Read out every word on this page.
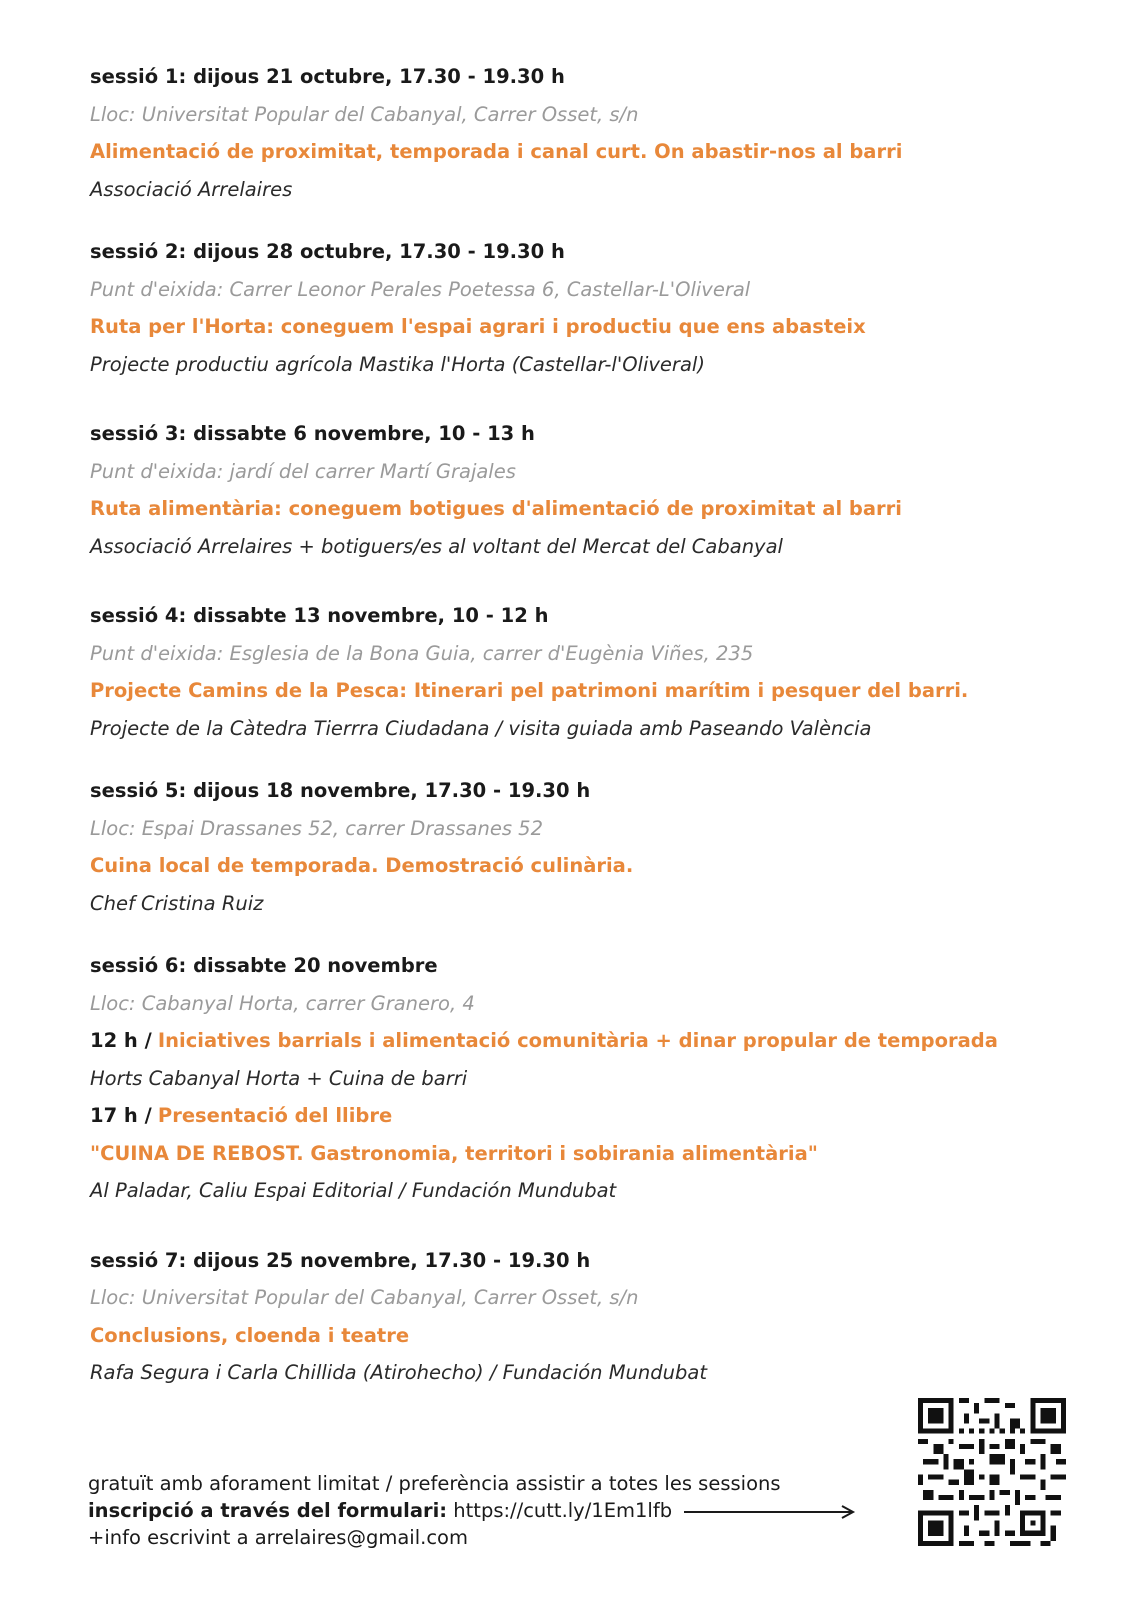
sessió 1: dijous 21 octubre, 17.30 - 19.30 h
Lloc: Universitat Popular del Cabanyal, Carrer Osset, s/n
Alimentació de proximitat, temporada i canal curt. On abastir-nos al barri
Associació Arrelaires
sessió 2: dijous 28 octubre, 17.30 - 19.30 h
Punt d'eixida: Carrer Leonor Perales Poetessa 6, Castellar-L'Oliveral
Ruta per l'Horta: coneguem l'espai agrari i productiu que ens abasteix
Projecte productiu agrícola Mastika l'Horta (Castellar-l'Oliveral)
sessió 3: dissabte 6 novembre, 10 - 13 h
Punt d'eixida: jardí del carrer Martí Grajales
Ruta alimentària: coneguem botigues d'alimentació de proximitat al barri
Associació Arrelaires + botiguers/es al voltant del Mercat del Cabanyal
sessió 4: dissabte 13 novembre, 10 - 12 h
Punt d'eixida: Esglesia de la Bona Guia, carrer d'Eugènia Viñes, 235
Projecte Camins de la Pesca: Itinerari pel patrimoni marítim i pesquer del barri.
Projecte de la Càtedra Tierrra Ciudadana / visita guiada amb Paseando València
sessió 5: dijous 18 novembre, 17.30 - 19.30 h
Lloc: Espai Drassanes 52, carrer Drassanes 52
Cuina local de temporada. Demostració culinària.
Chef Cristina Ruiz
sessió 6: dissabte 20 novembre
Lloc: Cabanyal Horta, carrer Granero, 4
12 h / Iniciatives barrials i alimentació comunitària + dinar propular de temporada
Horts Cabanyal Horta + Cuina de barri
17 h / Presentació del llibre
"CUINA DE REBOST. Gastronomia, territori i sobirania alimentària"
Al Paladar, Caliu Espai Editorial / Fundación Mundubat
sessió 7: dijous 25 novembre, 17.30 - 19.30 h
Lloc: Universitat Popular del Cabanyal, Carrer Osset, s/n
Conclusions, cloenda i teatre
Rafa Segura i Carla Chillida (Atirohecho) / Fundación Mundubat
gratuït amb aforament limitat / preferència assistir a totes les sessions
inscripció a través del formulari: https://cutt.ly/1Em1lfb
+info escrivint a arrelaires@gmail.com
